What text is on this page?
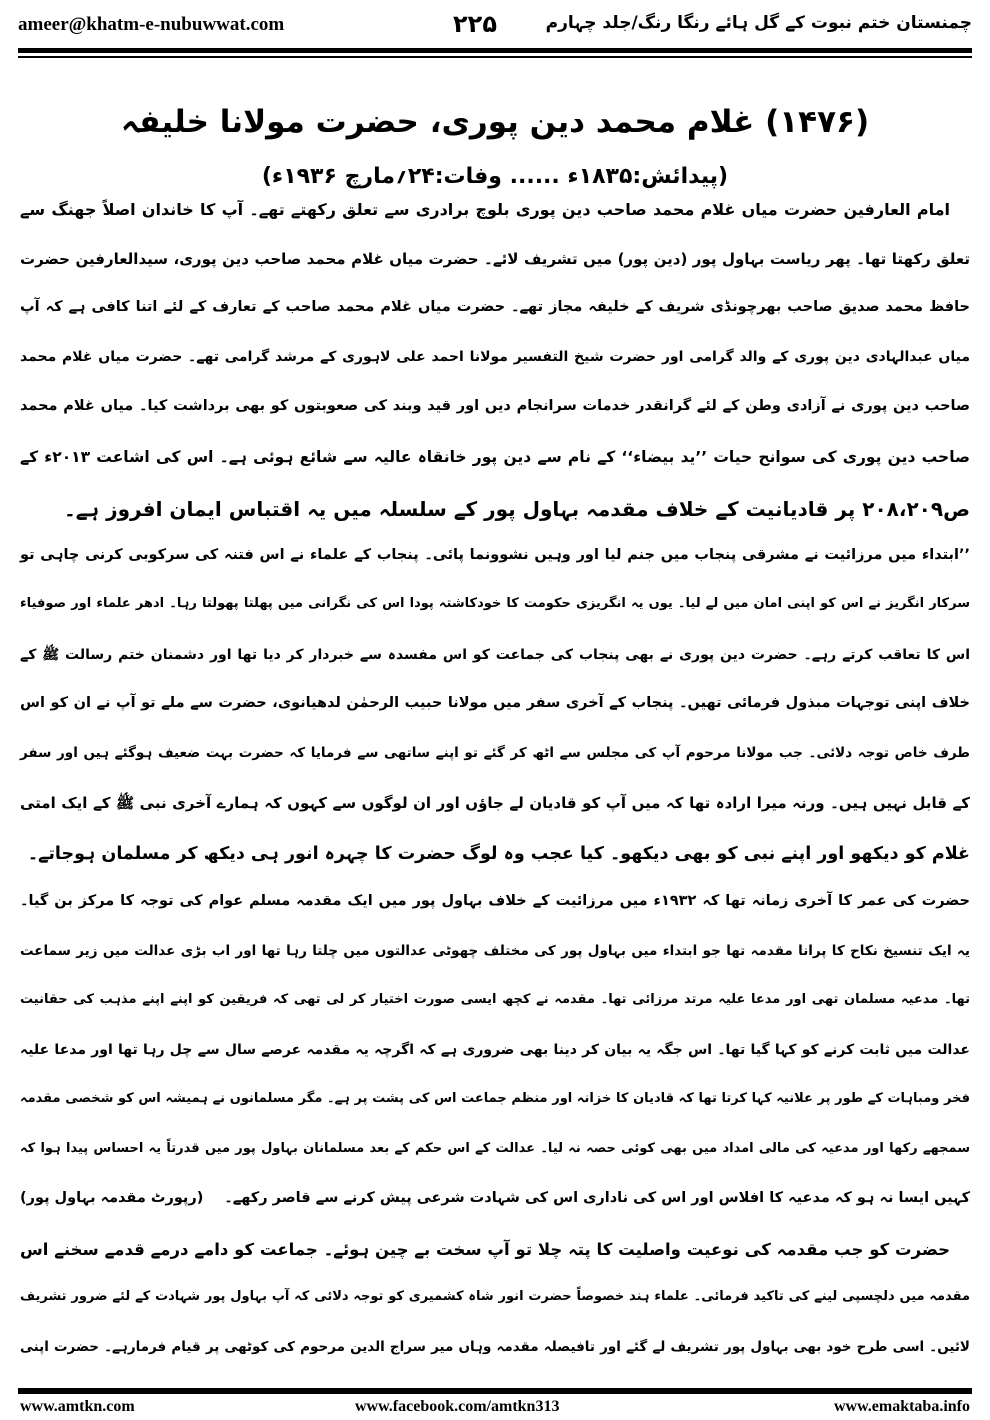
ameer@khatm-e-nubuwwat.com	۲۲۵	چمنستان ختم نبوت کے گل ہائے رنگا رنگ/جلد چہارم
(۱۴۷۶) غلام محمد دین پوری، حضرت مولانا خلیفہ
(پیدائش:۱۸۳۵ء ...... وفات:۲۴؍مارچ ۱۹۳۶ء)
امام العارفین حضرت میاں غلام محمد صاحب دین پوری بلوچ برادری سے تعلق رکھتے تھے۔ آپ کا خاندان اصلاً جھنگ سے
تعلق رکھتا تھا۔ پھر ریاست بہاول پور (دین پور) میں تشریف لائے۔ حضرت میاں غلام محمد صاحب دین پوری، سیدالعارفین حضرت
حافظ محمد صدیق صاحب بھرچونڈی شریف کے خلیفہ مجاز تھے۔ حضرت میاں غلام محمد صاحب کے تعارف کے لئے اتنا کافی ہے کہ آپ
میاں عبدالہادی دین پوری کے والد گرامی اور حضرت شیخ التفسیر مولانا احمد علی لاہوری کے مرشد گرامی تھے۔ حضرت میاں غلام محمد
صاحب دین پوری نے آزادی وطن کے لئے گرانقدر خدمات سرانجام دیں اور قید وبند کی صعوبتوں کو بھی برداشت کیا۔ میاں غلام محمد
صاحب دین پوری کی سوانح حیات ’’ید بیضاء‘‘ کے نام سے دین پور خانقاہ عالیہ سے شائع ہوئی ہے۔ اس کی اشاعت ۲۰۱۳ء کے
ص۲۰۸،۲۰۹ پر قادیانیت کے خلاف مقدمہ بہاول پور کے سلسلہ میں یہ اقتباس ایمان افروز ہے۔
’’ابتداء میں مرزائیت نے مشرقی پنجاب میں جنم لیا اور وہیں نشوونما پائی۔ پنجاب کے علماء نے اس فتنہ کی سرکوبی کرنی چاہی تو
سرکار انگریز نے اس کو اپنی امان میں لے لیا۔ یوں یہ انگریزی حکومت کا خودکاشتہ پودا اس کی نگرانی میں پھلتا پھولتا رہا۔ ادھر علماء اور صوفیاء
اس کا تعاقب کرتے رہے۔ حضرت دین پوری نے بھی پنجاب کی جماعت کو اس مفسدہ سے خبردار کر دیا تھا اور دشمنان ختم رسالت ﷺ کے
خلاف اپنی توجہات مبذول فرمائی تھیں۔ پنجاب کے آخری سفر میں مولانا حبیب الرحمٰن لدھیانوی، حضرت سے ملے تو آپ نے ان کو اس
طرف خاص توجہ دلائی۔ جب مولانا مرحوم آپ کی مجلس سے اٹھ کر گئے تو اپنے ساتھی سے فرمایا کہ حضرت بہت ضعیف ہوگئے ہیں اور سفر
کے قابل نہیں ہیں۔ ورنہ میرا ارادہ تھا کہ میں آپ کو قادیان لے جاؤں اور ان لوگوں سے کہوں کہ ہمارے آخری نبی ﷺ کے ایک امتی
غلام کو دیکھو اور اپنے نبی کو بھی دیکھو۔ کیا عجب وہ لوگ حضرت کا چہرہ انور ہی دیکھ کر مسلمان ہوجاتے۔
حضرت کی عمر کا آخری زمانہ تھا کہ ۱۹۳۲ء میں مرزائیت کے خلاف بہاول پور میں ایک مقدمہ مسلم عوام کی توجہ کا مرکز بن گیا۔
یہ ایک تنسیخ نکاح کا پرانا مقدمہ تھا جو ابتداء میں بہاول پور کی مختلف چھوٹی عدالتوں میں چلتا رہا تھا اور اب بڑی عدالت میں زیر سماعت
تھا۔ مدعیہ مسلمان تھی اور مدعا علیہ مرتد مرزائی تھا۔ مقدمہ نے کچھ ایسی صورت اختیار کر لی تھی کہ فریقین کو اپنے اپنے مذہب کی حقانیت
عدالت میں ثابت کرنے کو کہا گیا تھا۔ اس جگہ یہ بیان کر دینا بھی ضروری ہے کہ اگرچہ یہ مقدمہ عرصے سال سے چل رہا تھا اور مدعا علیہ
فخر ومباہات کے طور پر علانیہ کہا کرتا تھا کہ قادیان کا خزانہ اور منظم جماعت اس کی پشت پر ہے۔ مگر مسلمانوں نے ہمیشہ اس کو شخصی مقدمہ
سمجھے رکھا اور مدعیہ کی مالی امداد میں بھی کوئی حصہ نہ لیا۔ عدالت کے اس حکم کے بعد مسلمانان بہاول پور میں قدرتاً یہ احساس پیدا ہوا کہ
کہیں ایسا نہ ہو کہ مدعیہ کا افلاس اور اس کی ناداری اس کی شہادت شرعی پیش کرنے سے قاصر رکھے۔
(رپورٹ مقدمہ بہاول پور)
حضرت کو جب مقدمہ کی نوعیت واصلیت کا پتہ چلا تو آپ سخت بے چین ہوئے۔ جماعت کو دامے درمے قدمے سخنے اس
مقدمہ میں دلچسپی لینے کی تاکید فرمائی۔ علماء ہند خصوصاً حضرت انور شاہ کشمیری کو توجہ دلائی کہ آپ بہاول پور شہادت کے لئے ضرور تشریف
لائیں۔ اسی طرح خود بھی بہاول پور تشریف لے گئے اور تافیصلہ مقدمہ وہاں میر سراج الدین مرحوم کی کوٹھی پر قیام فرمارہے۔ حضرت اپنی
www.amtkn.com	www.facebook.com/amtkn313	www.emaktaba.info
